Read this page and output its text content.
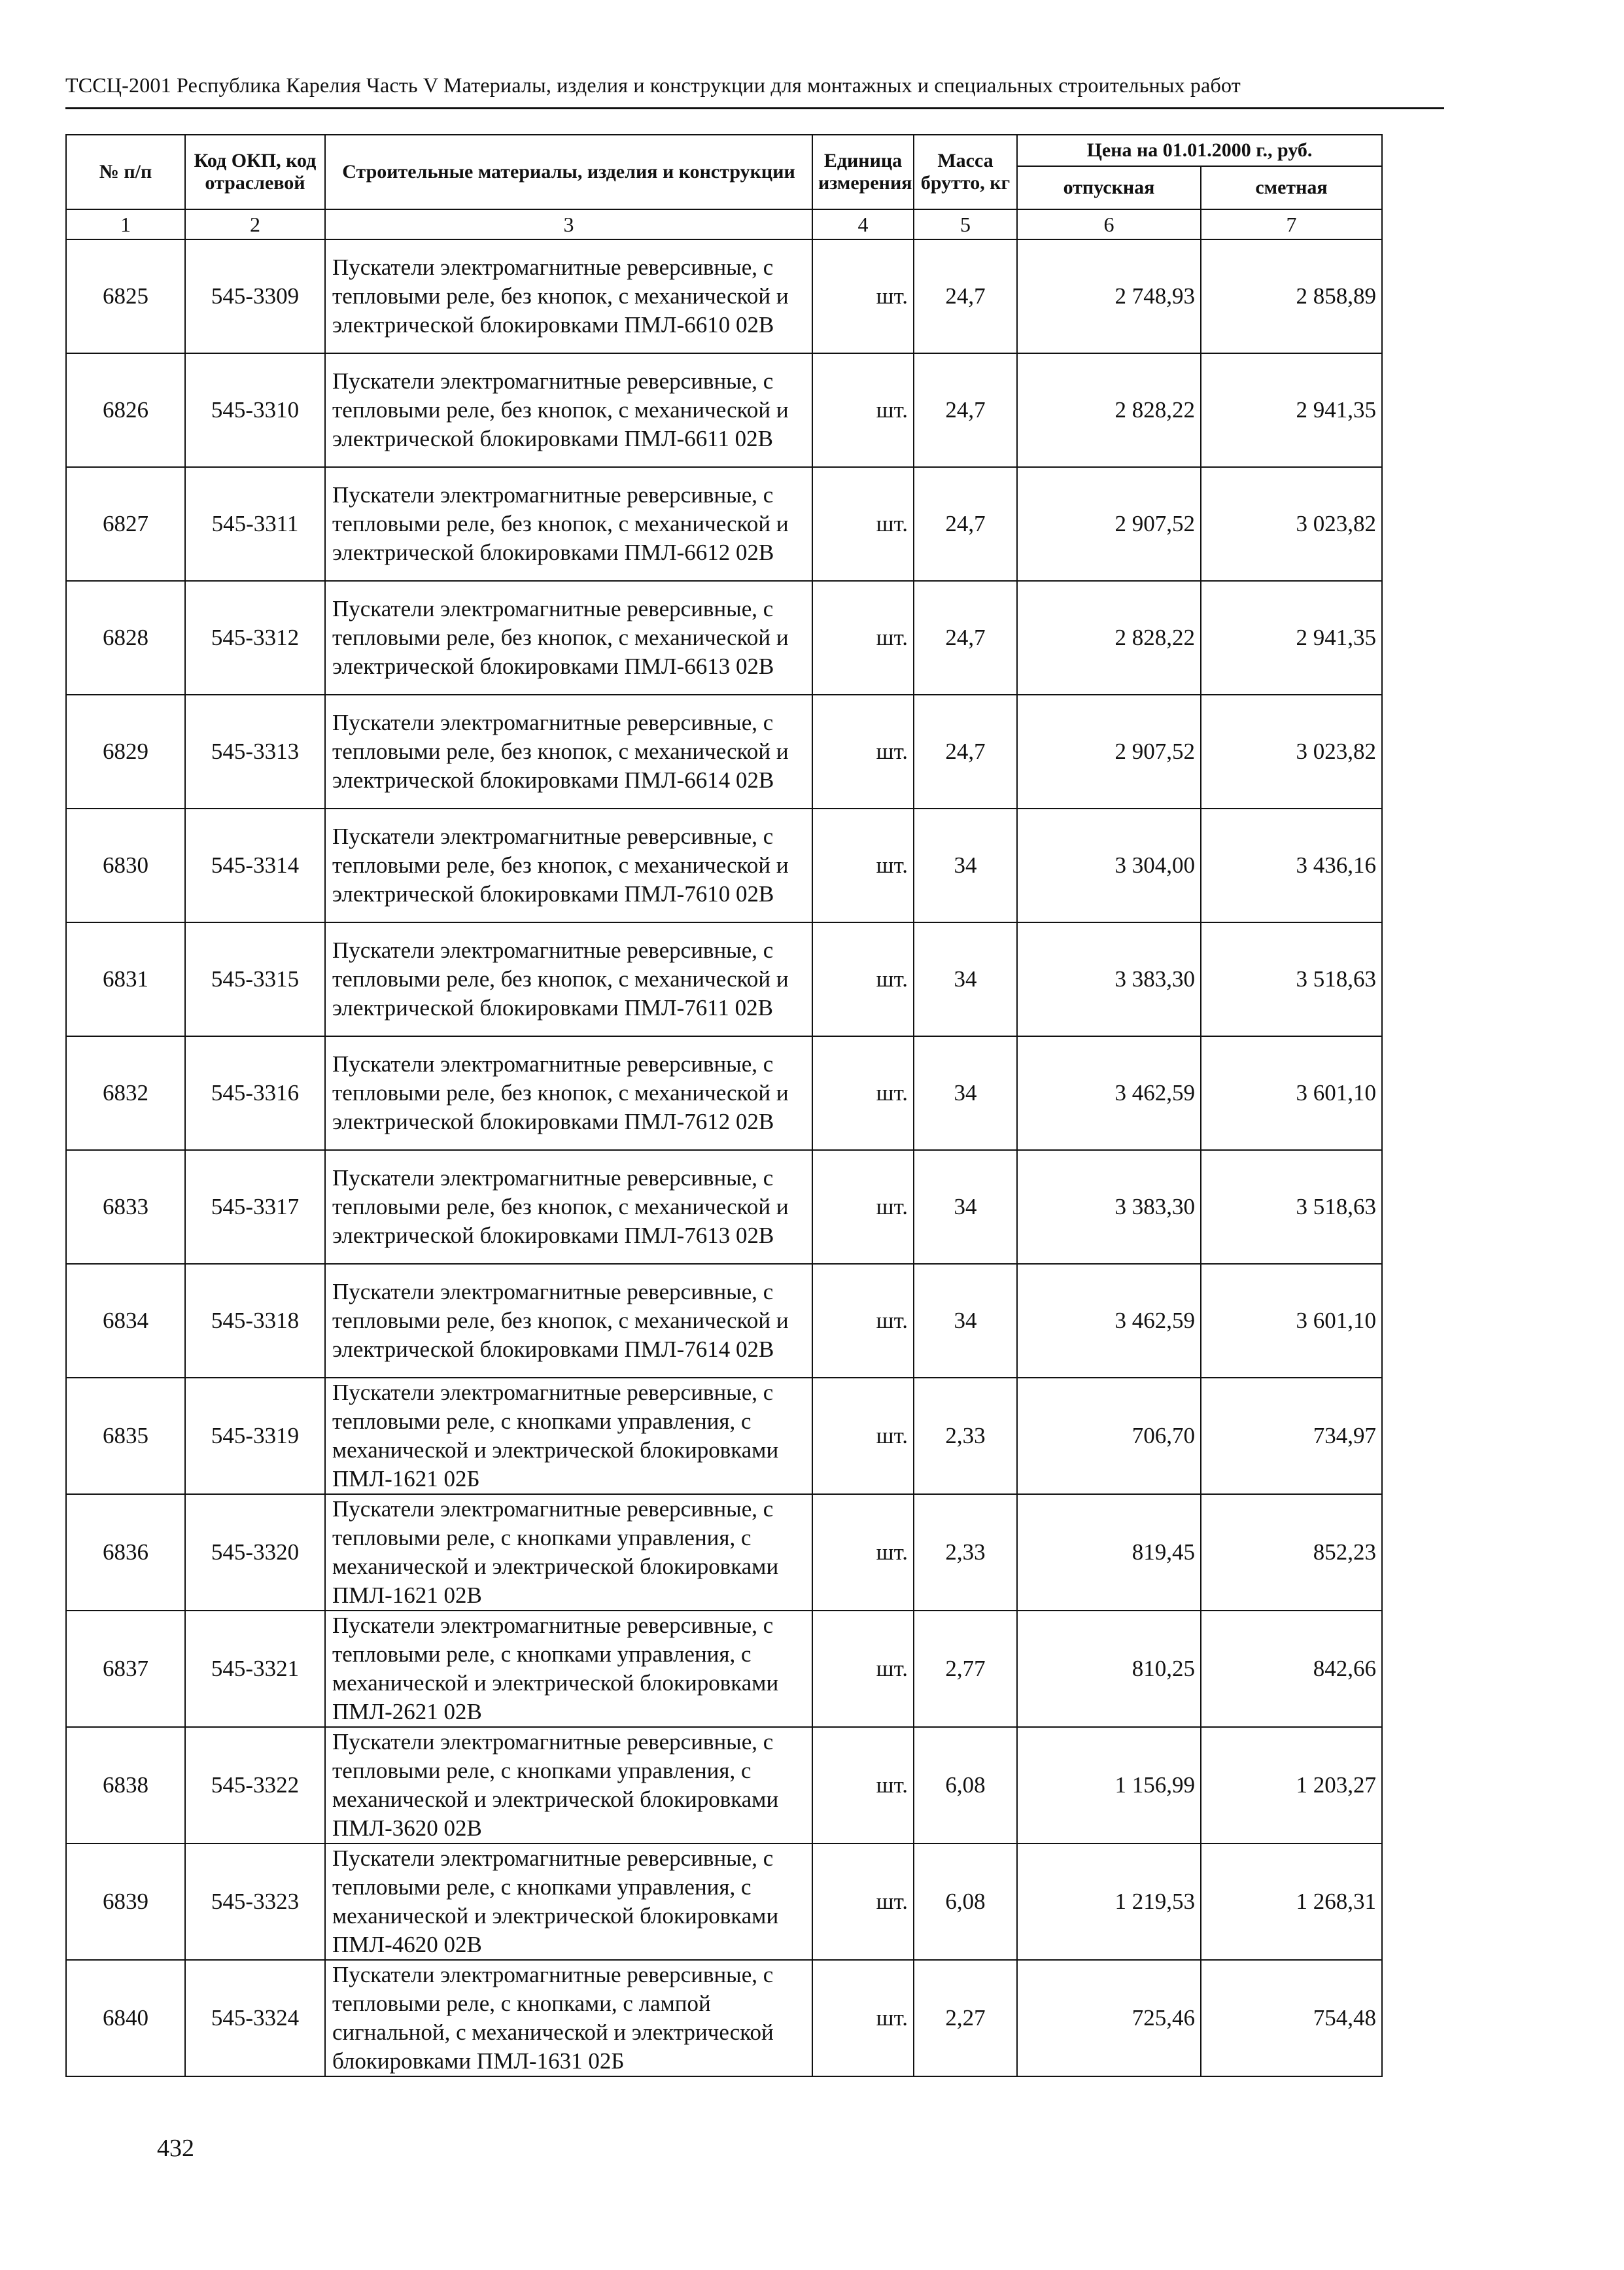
ТССЦ-2001 Республика Карелия Часть V Материалы, изделия и конструкции для монтажных и специальных строительных работ
№ п/п	Код ОКП, код отраслевой	Строительные материалы, изделия и конструкции	Единица измерения	Масса брутто, кг	Цена на 01.01.2000 г., руб.	
					отпускная	сметная
1	2	3	4	5	6	7
6825	545-3309	Пускатели электромагнитные реверсивные, с тепловыми реле, без кнопок, с механической и электрической блокировками ПМЛ-6610 02В	шт.	24,7	2 748,93	2 858,89
6826	545-3310	Пускатели электромагнитные реверсивные, с тепловыми реле, без кнопок, с механической и электрической блокировками ПМЛ-6611 02В	шт.	24,7	2 828,22	2 941,35
6827	545-3311	Пускатели электромагнитные реверсивные, с тепловыми реле, без кнопок, с механической и электрической блокировками ПМЛ-6612 02В	шт.	24,7	2 907,52	3 023,82
6828	545-3312	Пускатели электромагнитные реверсивные, с тепловыми реле, без кнопок, с механической и электрической блокировками ПМЛ-6613 02В	шт.	24,7	2 828,22	2 941,35
6829	545-3313	Пускатели электромагнитные реверсивные, с тепловыми реле, без кнопок, с механической и электрической блокировками ПМЛ-6614 02В	шт.	24,7	2 907,52	3 023,82
6830	545-3314	Пускатели электромагнитные реверсивные, с тепловыми реле, без кнопок, с механической и электрической блокировками ПМЛ-7610 02В	шт.	34	3 304,00	3 436,16
6831	545-3315	Пускатели электромагнитные реверсивные, с тепловыми реле, без кнопок, с механической и электрической блокировками ПМЛ-7611 02В	шт.	34	3 383,30	3 518,63
6832	545-3316	Пускатели электромагнитные реверсивные, с тепловыми реле, без кнопок, с механической и электрической блокировками ПМЛ-7612 02В	шт.	34	3 462,59	3 601,10
6833	545-3317	Пускатели электромагнитные реверсивные, с тепловыми реле, без кнопок, с механической и электрической блокировками ПМЛ-7613 02В	шт.	34	3 383,30	3 518,63
6834	545-3318	Пускатели электромагнитные реверсивные, с тепловыми реле, без кнопок, с механической и электрической блокировками ПМЛ-7614 02В	шт.	34	3 462,59	3 601,10
6835	545-3319	Пускатели электромагнитные реверсивные, с тепловыми реле, с кнопками управления, с механической и электрической блокировками ПМЛ-1621 02Б	шт.	2,33	706,70	734,97
6836	545-3320	Пускатели электромагнитные реверсивные, с тепловыми реле, с кнопками управления, с механической и электрической блокировками ПМЛ-1621 02В	шт.	2,33	819,45	852,23
6837	545-3321	Пускатели электромагнитные реверсивные, с тепловыми реле, с кнопками управления, с механической и электрической блокировками ПМЛ-2621 02В	шт.	2,77	810,25	842,66
6838	545-3322	Пускатели электромагнитные реверсивные, с тепловыми реле, с кнопками управления, с механической и электрической блокировками ПМЛ-3620 02В	шт.	6,08	1 156,99	1 203,27
6839	545-3323	Пускатели электромагнитные реверсивные, с тепловыми реле, с кнопками управления, с механической и электрической блокировками ПМЛ-4620 02В	шт.	6,08	1 219,53	1 268,31
6840	545-3324	Пускатели электромагнитные реверсивные, с тепловыми реле, с кнопками, с лампой сигнальной, с механической и электрической блокировками ПМЛ-1631 02Б	шт.	2,27	725,46	754,48
432
